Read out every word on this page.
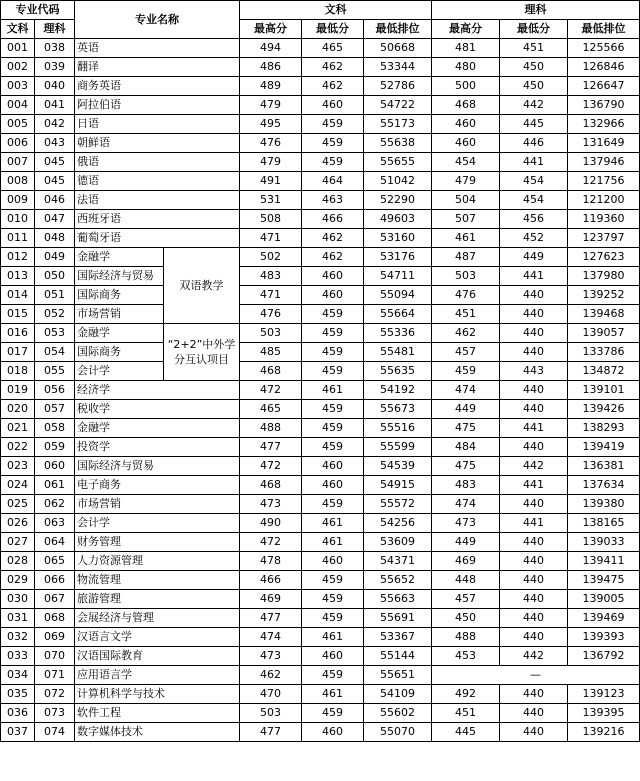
专业代码		专业名称		文科			理科		
文科	理科			最高分	最低分	最低排位	最高分	最低分	最低排位
001	038	英语		494	465	50668	481	451	125566
002	039	翻译		486	462	53344	480	450	126846
003	040	商务英语		489	462	52786	500	450	126647
004	041	阿拉伯语		479	460	54722	468	442	136790
005	042	日语		495	459	55173	460	445	132966
006	043	朝鲜语		476	459	55638	460	446	131649
007	045	俄语		479	459	55655	454	441	137946
008	045	德语		491	464	51042	479	454	121756
009	046	法语		531	463	52290	504	454	121200
010	047	西班牙语		508	466	49603	507	456	119360
011	048	葡萄牙语		471	462	53160	461	452	123797
012	049	金融学	双语教学	502	462	53176	487	449	127623
013	050	国际经济与贸易		483	460	54711	503	441	137980
014	051	国际商务		471	460	55094	476	440	139252
015	052	市场营销		476	459	55664	451	440	139468
016	053	金融学	“2+2”中外学分互认项目	503	459	55336	462	440	139057
017	054	国际商务		485	459	55481	457	440	133786
018	055	会计学		468	459	55635	459	443	134872
019	056	经济学		472	461	54192	474	440	139101
020	057	税收学		465	459	55673	449	440	139426
021	058	金融学		488	459	55516	475	441	138293
022	059	投资学		477	459	55599	484	440	139419
023	060	国际经济与贸易		472	460	54539	475	442	136381
024	061	电子商务		468	460	54915	483	441	137634
025	062	市场营销		473	459	55572	474	440	139380
026	063	会计学		490	461	54256	473	441	138165
027	064	财务管理		472	461	53609	449	440	139033
028	065	人力资源管理		478	460	54371	469	440	139411
029	066	物流管理		466	459	55652	448	440	139475
030	067	旅游管理		469	459	55663	457	440	139005
031	068	会展经济与管理		477	459	55691	450	440	139469
032	069	汉语言文学		474	461	53367	488	440	139393
033	070	汉语国际教育		473	460	55144	453	442	136792
034	071	应用语言学		462	459	55651	—		
035	072	计算机科学与技术		470	461	54109	492	440	139123
036	073	软件工程		503	459	55602	451	440	139395
037	074	数字媒体技术		477	460	55070	445	440	139216
